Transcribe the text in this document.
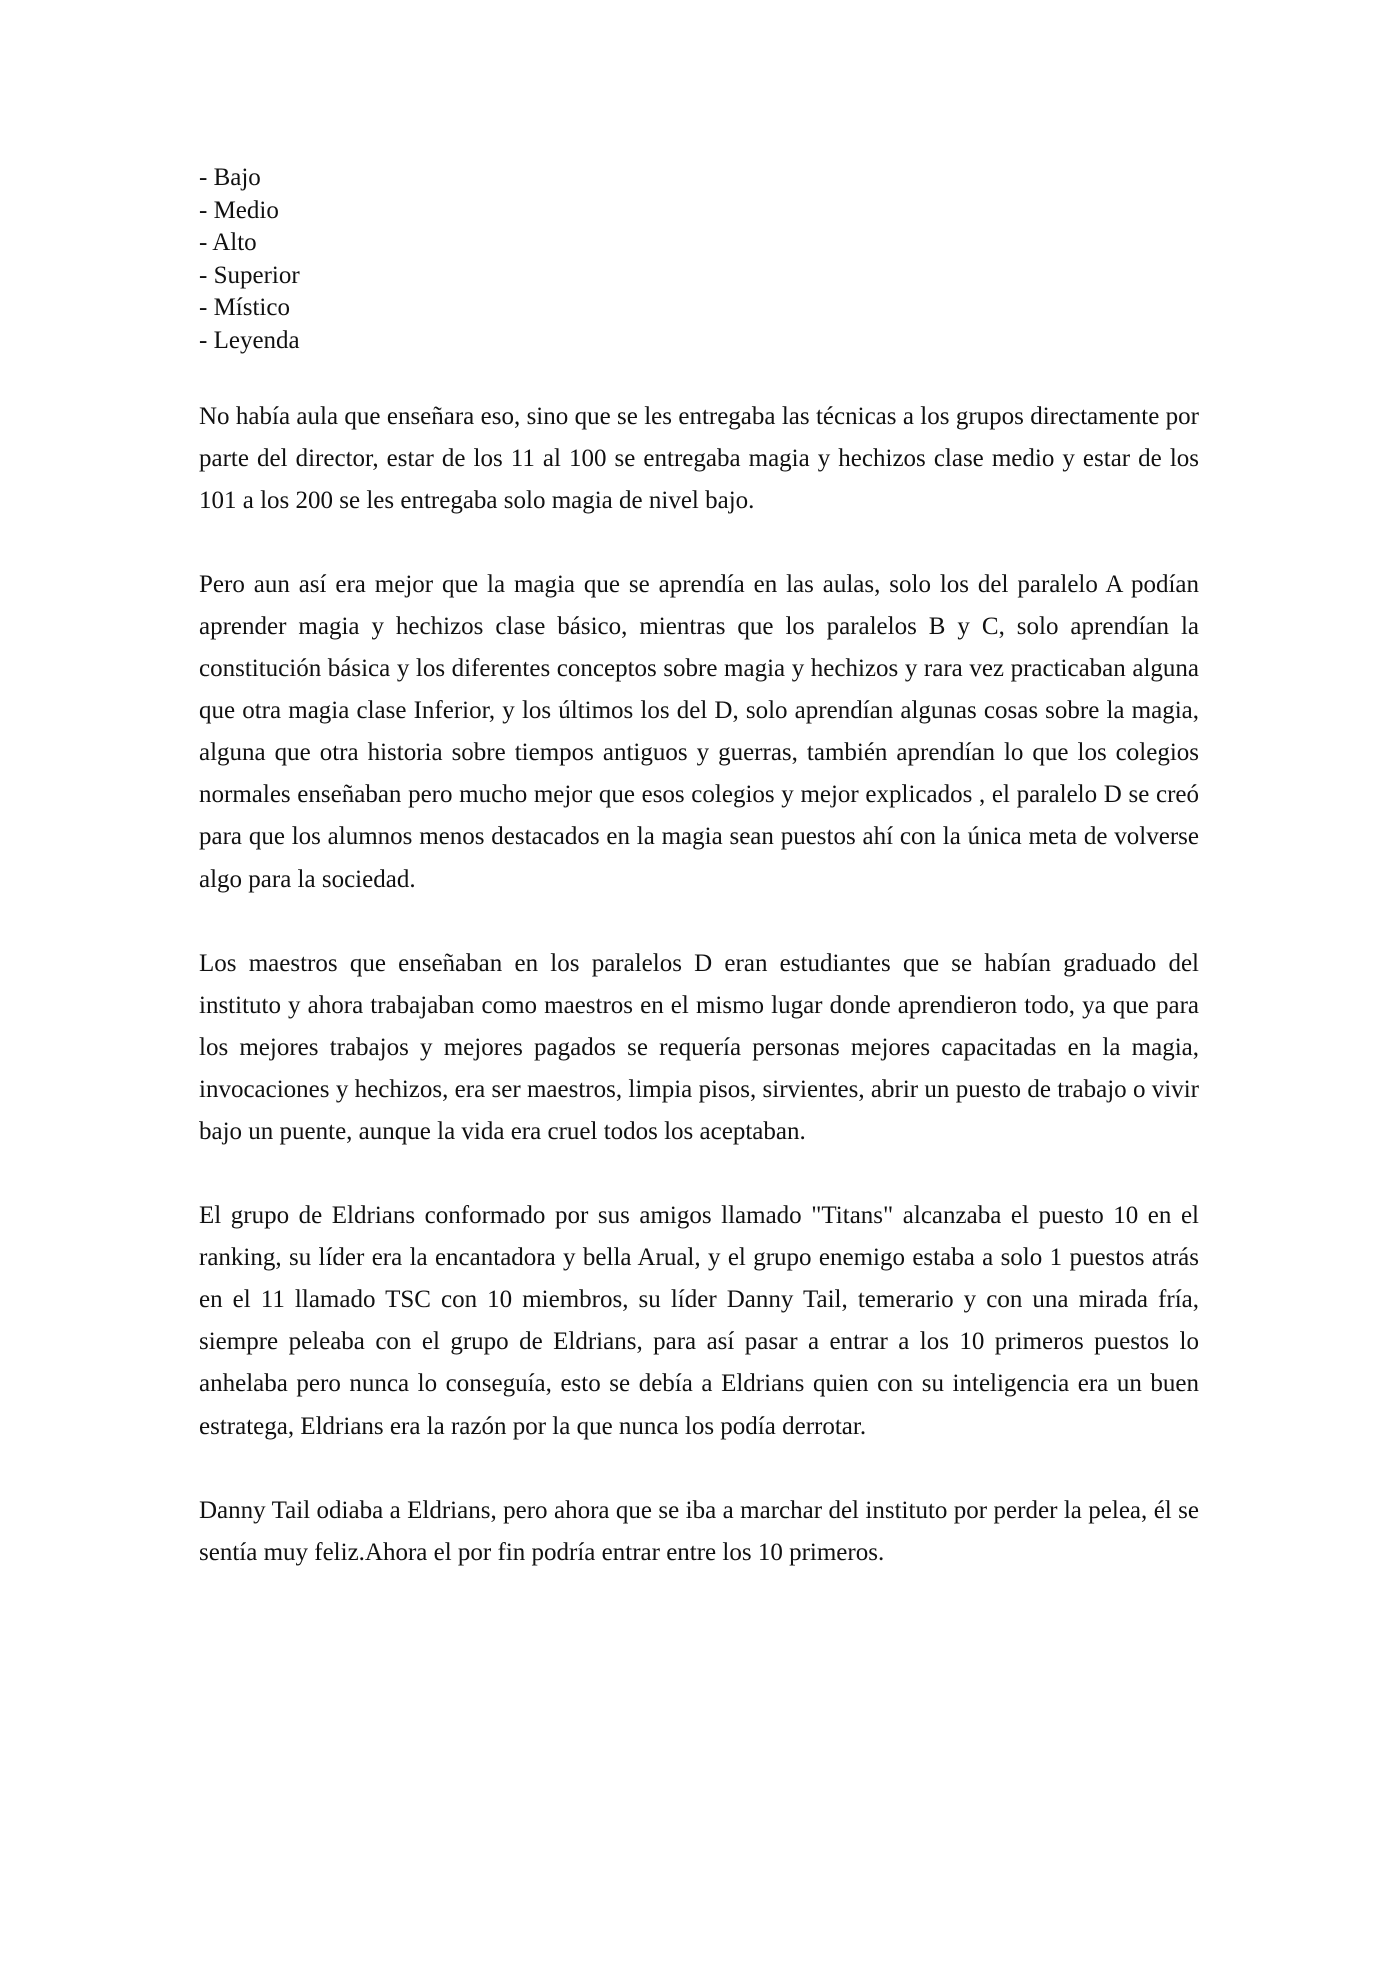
- Bajo
- Medio
- Alto
- Superior
- Místico
- Leyenda

No había aula que enseñara eso, sino que se les entregaba las técnicas a los grupos directamente por parte del director, estar de los 11 al 100 se entregaba magia y hechizos clase medio y estar de los 101 a los 200 se les entregaba solo magia de nivel bajo.

Pero aun así era mejor que la magia que se aprendía en las aulas, solo los del paralelo A podían aprender magia y hechizos clase básico, mientras que los paralelos B y C, solo aprendían la constitución básica y los diferentes conceptos sobre magia y hechizos y rara vez practicaban alguna que otra magia clase Inferior, y los últimos los del D, solo aprendían algunas cosas sobre la magia, alguna que otra historia sobre tiempos antiguos y guerras, también aprendían lo que los colegios normales enseñaban pero mucho mejor que esos colegios y mejor explicados , el paralelo D se creó para que los alumnos menos destacados en la magia sean puestos ahí con la única meta de volverse algo para la sociedad.

Los maestros que enseñaban en los paralelos D eran estudiantes que se habían graduado del instituto y ahora trabajaban como maestros en el mismo lugar donde aprendieron todo, ya que para los mejores trabajos y mejores pagados se requería personas mejores capacitadas en la magia, invocaciones y hechizos, era ser maestros, limpia pisos, sirvientes, abrir un puesto de trabajo o vivir bajo un puente, aunque la vida era cruel todos los aceptaban.

El grupo de Eldrians conformado por sus amigos llamado "Titans" alcanzaba el puesto 10 en el ranking, su líder era la encantadora y bella Arual, y el grupo enemigo estaba a solo 1 puestos atrás en el 11 llamado TSC con 10 miembros, su líder Danny Tail, temerario y con una mirada fría, siempre peleaba con el grupo de Eldrians, para así pasar a entrar a los 10 primeros puestos lo anhelaba pero nunca lo conseguía, esto se debía a Eldrians quien con su inteligencia era un buen estratega, Eldrians era la razón por la que nunca los podía derrotar.

Danny Tail odiaba a Eldrians, pero ahora que se iba a marchar del instituto por perder la pelea, él se sentía muy feliz.Ahora el por fin podría entrar entre los 10 primeros.
